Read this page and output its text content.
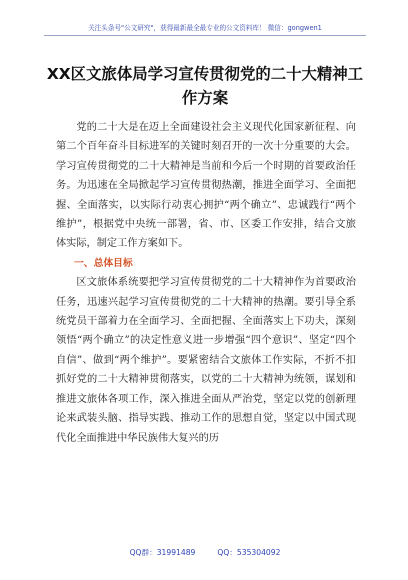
关注头条号"公文研究"，获得最新最全最专业的公文资料库！ 微信：gongwen1
XX区文旅体局学习宣传贯彻党的二十大精神工作方案

党的二十大是在迈上全面建设社会主义现代化国家新征程、向第二个百年奋斗目标进军的关键时刻召开的一次十分重要的大会。学习宣传贯彻党的二十大精神是当前和今后一个时期的首要政治任务。为迅速在全局掀起学习宣传贯彻热潮，推进全面学习、全面把握、全面落实，以实际行动衷心拥护“两个确立”、忠诚践行“两个维护”，根据党中央统一部署，省、市、区委工作安排，结合文旅体实际，制定工作方案如下。

一、总体目标

区文旅体系统要把学习宣传贯彻党的二十大精神作为首要政治任务，迅速兴起学习宣传贯彻党的二十大精神的热潮。要引导全系统党员干部着力在全面学习、全面把握、全面落实上下功夫，深刻领悟“两个确立”的决定性意义进一步增强“四个意识”、坚定“四个自信”、做到“两个维护”。要紧密结合文旅体工作实际，不折不扣抓好党的二十大精神贯彻落实，以党的二十大精神为统领，谋划和推进文旅体各项工作，深入推进全面从严治党，坚定以党的创新理论来武装头脑、指导实践、推动工作的思想自觉，坚定以中国式现代化全面推进中华民族伟大复兴的历

QQ群：31991489	QQ：535304092
